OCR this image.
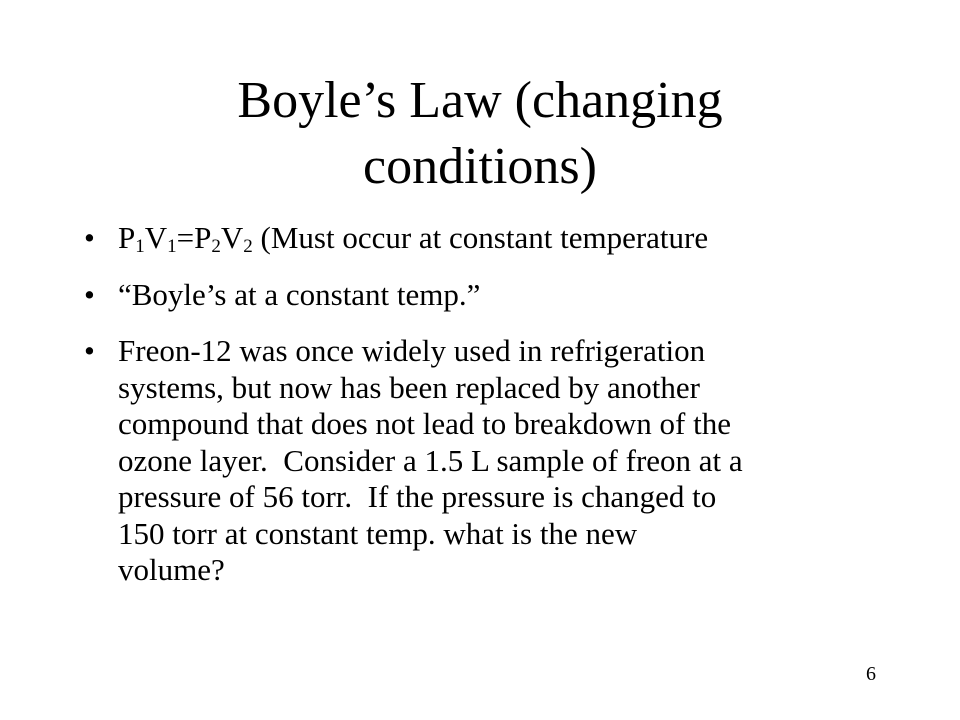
Boyle’s Law (changing
conditions)
• $P_1V_1=P_2V_2$ (Must occur at constant temperature
• “Boyle’s at a constant temp.”
• Freon-12 was once widely used in refrigeration
systems, but now has been replaced by another
compound that does not lead to breakdown of the
ozone layer.  Consider a 1.5 L sample of freon at a
pressure of 56 torr.  If the pressure is changed to
150 torr at constant temp. what is the new
volume?
6
